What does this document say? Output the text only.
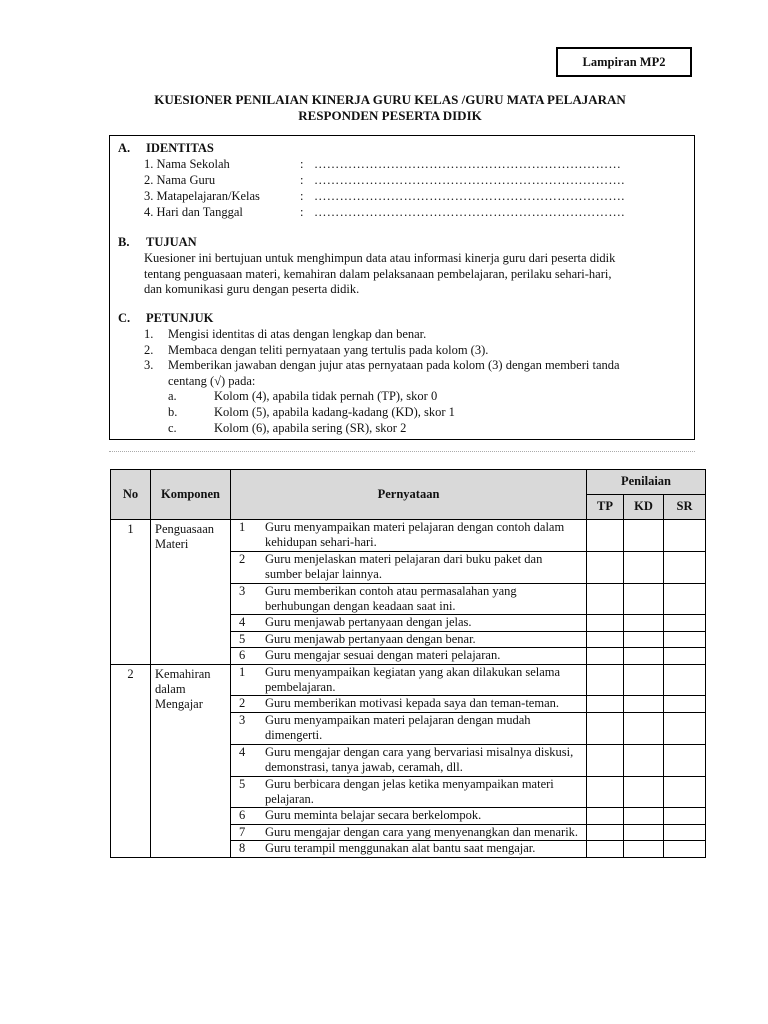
Lampiran MP2
KUESIONER PENILAIAN KINERJA GURU KELAS /GURU MATA PELAJARAN
RESPONDEN PESERTA DIDIK
A. IDENTITAS
1. Nama Sekolah	: ………………………………………………………………
2. Nama Guru	: ……………………………………………………………….
3. Matapelajaran/Kelas	: ……………………………………………………………….
4. Hari dan Tanggal	: ……………………………………………………………….
B. TUJUAN
Kuesioner ini bertujuan untuk menghimpun data atau informasi kinerja guru dari peserta didik
tentang penguasaan materi, kemahiran dalam pelaksanaan pembelajaran, perilaku sehari-hari,
dan komunikasi guru dengan peserta didik.
C. PETUNJUK
1. Mengisi identitas di atas dengan lengkap dan benar.
2. Membaca dengan teliti pernyataan yang tertulis pada kolom (3).
3. Memberikan jawaban dengan jujur atas pernyataan pada kolom (3) dengan memberi tanda
centang (√) pada:
a.	Kolom (4), apabila tidak pernah (TP), skor 0
b.	Kolom (5), apabila kadang-kadang (KD), skor 1
c.	Kolom (6), apabila sering (SR), skor 2
No	Komponen	Pernyataan	Penilaian		
			TP	KD	SR
1	Penguasaan Materi	1 Guru menyampaikan materi pelajaran dengan contoh dalam kehidupan sehari-hari.			

		2 Guru menjelaskan materi pelajaran dari buku paket dan sumber belajar lainnya.			

		3 Guru memberikan contoh atau permasalahan yang berhubungan dengan keadaan saat ini.			

		4 Guru menjawab pertanyaan dengan jelas.			

		5 Guru menjawab pertanyaan dengan benar.			

		6 Guru mengajar sesuai dengan materi pelajaran.			

2	Kemahiran dalam Mengajar	1 Guru menyampaikan kegiatan yang akan dilakukan selama pembelajaran.			

		2 Guru memberikan motivasi kepada saya dan teman-teman.			

		3 Guru menyampaikan materi pelajaran dengan mudah dimengerti.			

		4 Guru mengajar dengan cara yang bervariasi misalnya diskusi, demonstrasi, tanya jawab, ceramah, dll.			

		5 Guru berbicara dengan jelas ketika menyampaikan materi pelajaran.			

		6 Guru meminta belajar secara berkelompok.			

		7 Guru mengajar dengan cara yang menyenangkan dan menarik.			

		8 Guru terampil menggunakan alat bantu saat mengajar.			
